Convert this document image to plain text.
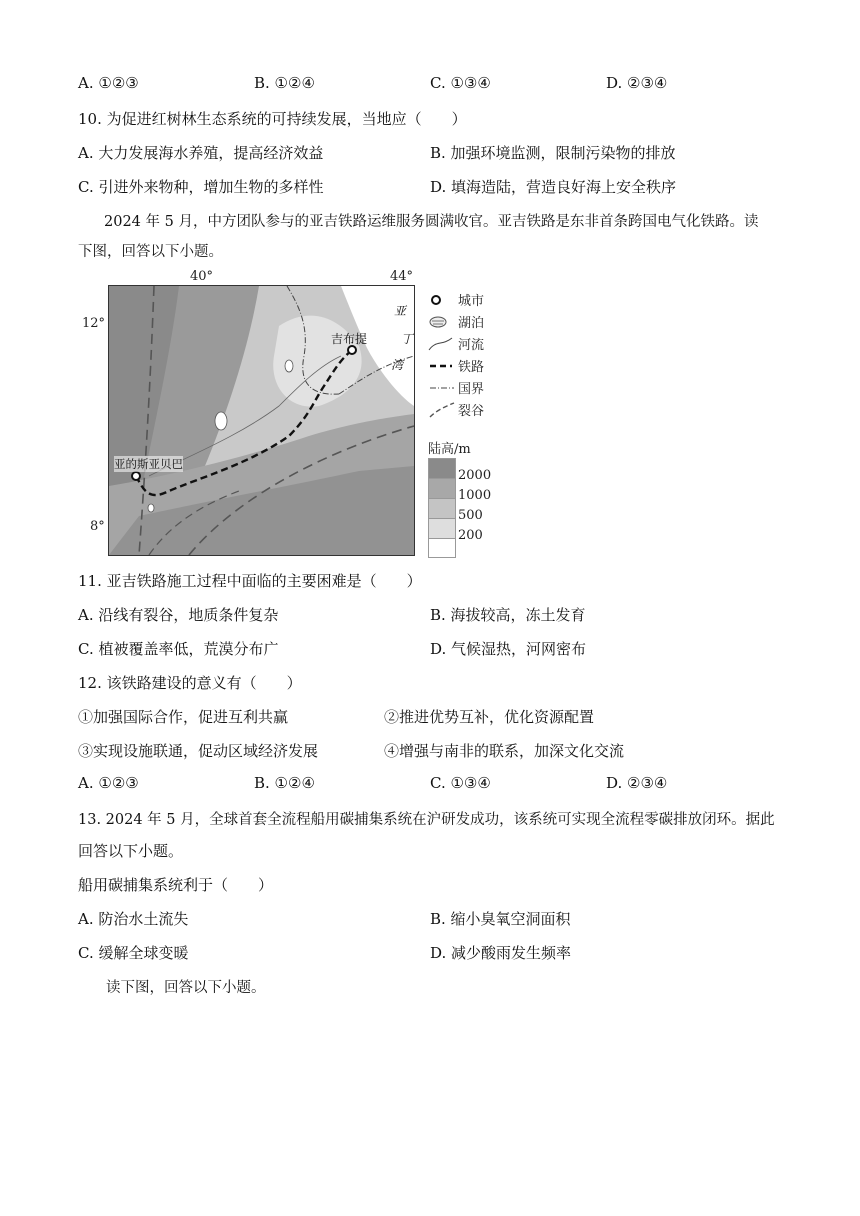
A. ①②③	B. ①②④	C. ①③④	D. ②③④
10. 为促进红树林生态系统的可持续发展，当地应（　　）
A. 大力发展海水养殖，提高经济效益	B. 加强环境监测，限制污染物的排放
C. 引进外来物种，增加生物的多样性	D. 填海造陆，营造良好海上安全秩序
2024 年 5 月，中方团队参与的亚吉铁路运维服务圆满收官。亚吉铁路是东非首条跨国电气化铁路。读
下图，回答以下小题。
40°	44°
12°
8°
吉布提
亚的斯亚贝巴
亚
丁
湾
城市
湖泊
河流
铁路
国界
裂谷
陆高/m
2000
1000
500
200
11. 亚吉铁路施工过程中面临的主要困难是（　　）
A. 沿线有裂谷，地质条件复杂	B. 海拔较高，冻土发育
C. 植被覆盖率低，荒漠分布广	D. 气候湿热，河网密布
12. 该铁路建设的意义有（　　）
①加强国际合作，促进互利共赢	②推进优势互补，优化资源配置
③实现设施联通，促动区域经济发展	④增强与南非的联系，加深文化交流
A. ①②③	B. ①②④	C. ①③④	D. ②③④
13. 2024 年 5 月，全球首套全流程船用碳捕集系统在沪研发成功，该系统可实现全流程零碳排放闭环。据此
回答以下小题。
船用碳捕集系统利于（　　）
A. 防治水土流失	B. 缩小臭氧空洞面积
C. 缓解全球变暖	D. 减少酸雨发生频率
读下图，回答以下小题。
